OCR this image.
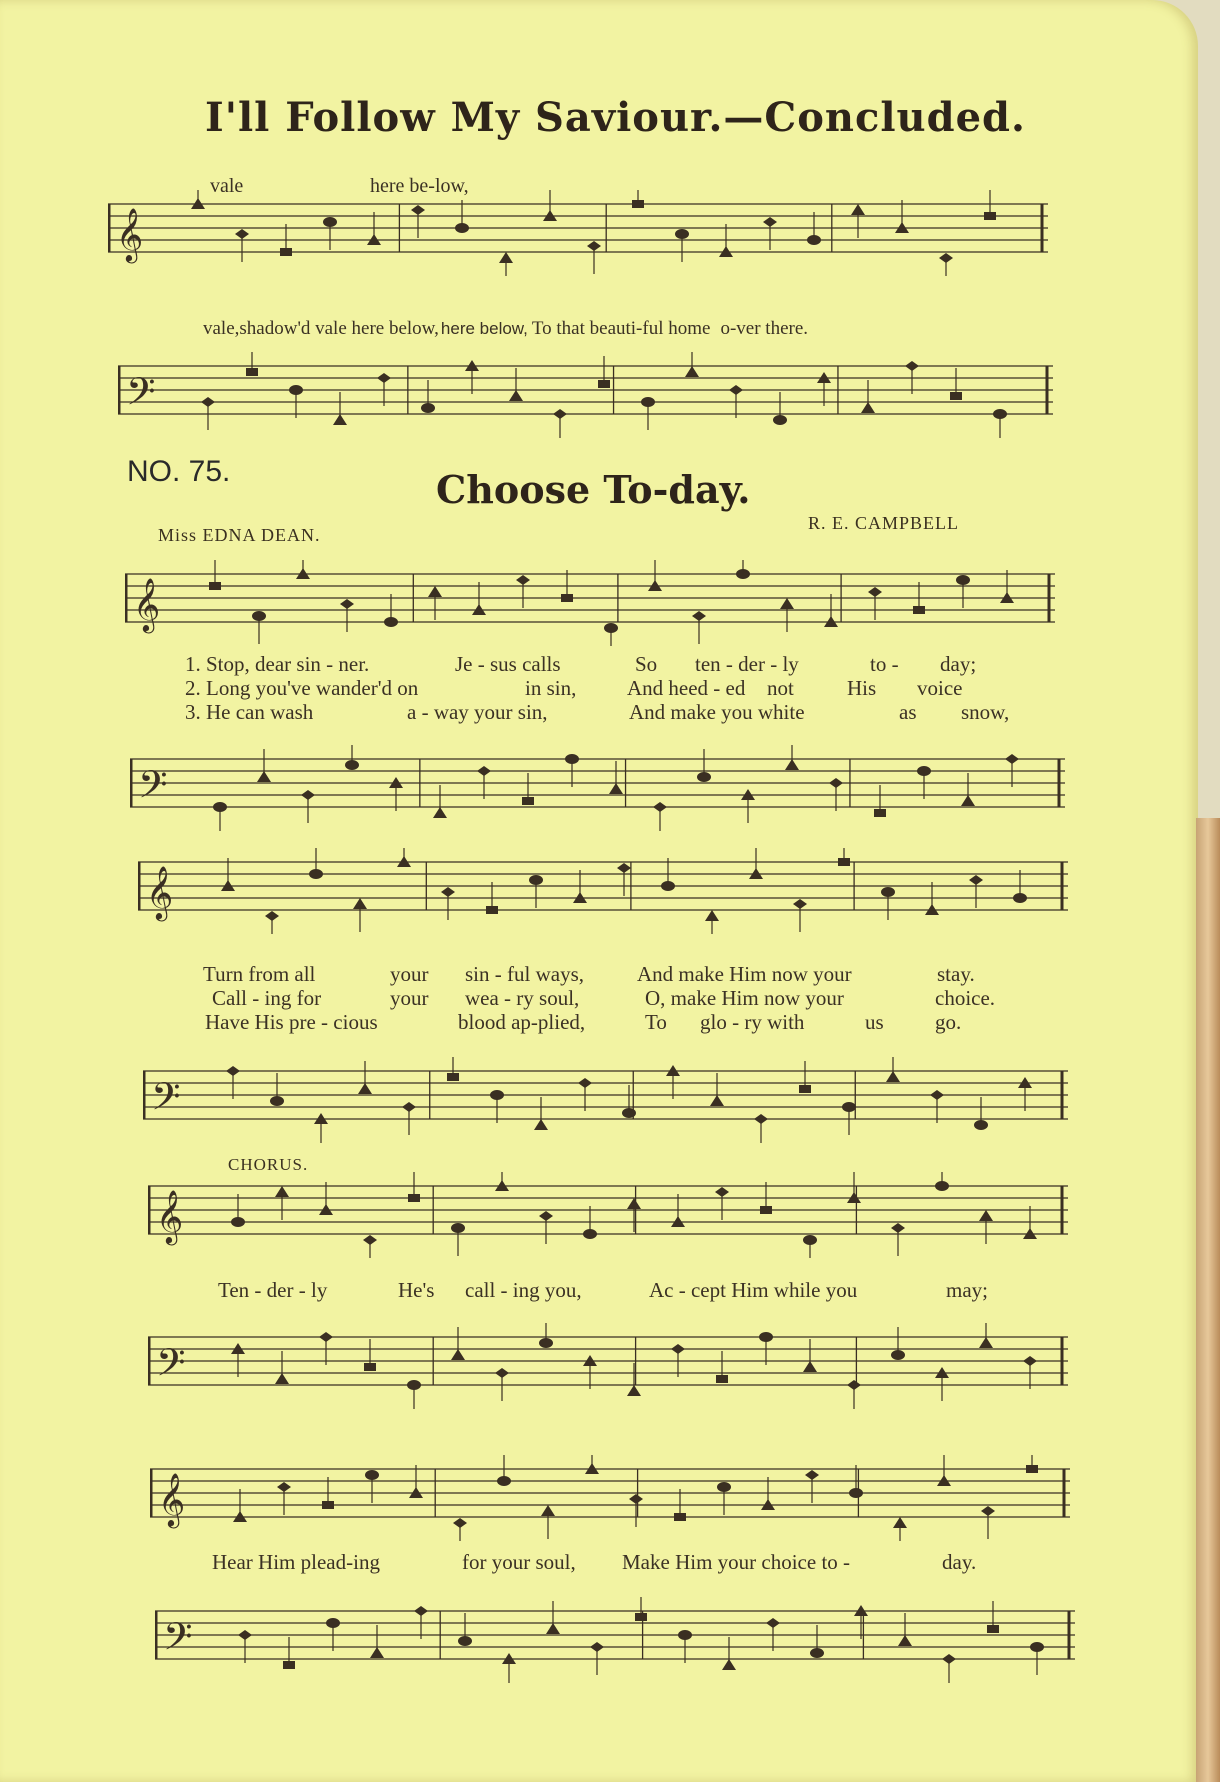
I'll Follow My Saviour.—Concluded.
NO. 75.	Choose To-day.
Miss EDNA DEAN.
R. E. CAMPBELL
CHORUS.
𝄞
𝄢
𝄞
𝄢
𝄞
𝄢
𝄞
𝄢
𝄞
𝄢
vale	here be-low,
vale,shadow'd vale here below, here below, To that beauti-ful home o-ver there.
1. Stop, dear sin - ner.	Je - sus calls	So ten - der - ly	to - day;
2. Long you've wander'd on	in sin, And heed - ed not	His voice
3. He can wash	a - way your sin,	And make you white	as snow,
Turn from all	your sin - ful ways,	And make Him now your	stay.
Call - ing for	your wea - ry soul,	O, make Him now your	choice.
Have His pre - cious	blood ap-plied,	To glo - ry with	us go.
Ten - der - ly	He's call - ing you,	Ac - cept Him while you	may;
Hear Him plead-ing	for your soul, Make Him your choice to -	day.
